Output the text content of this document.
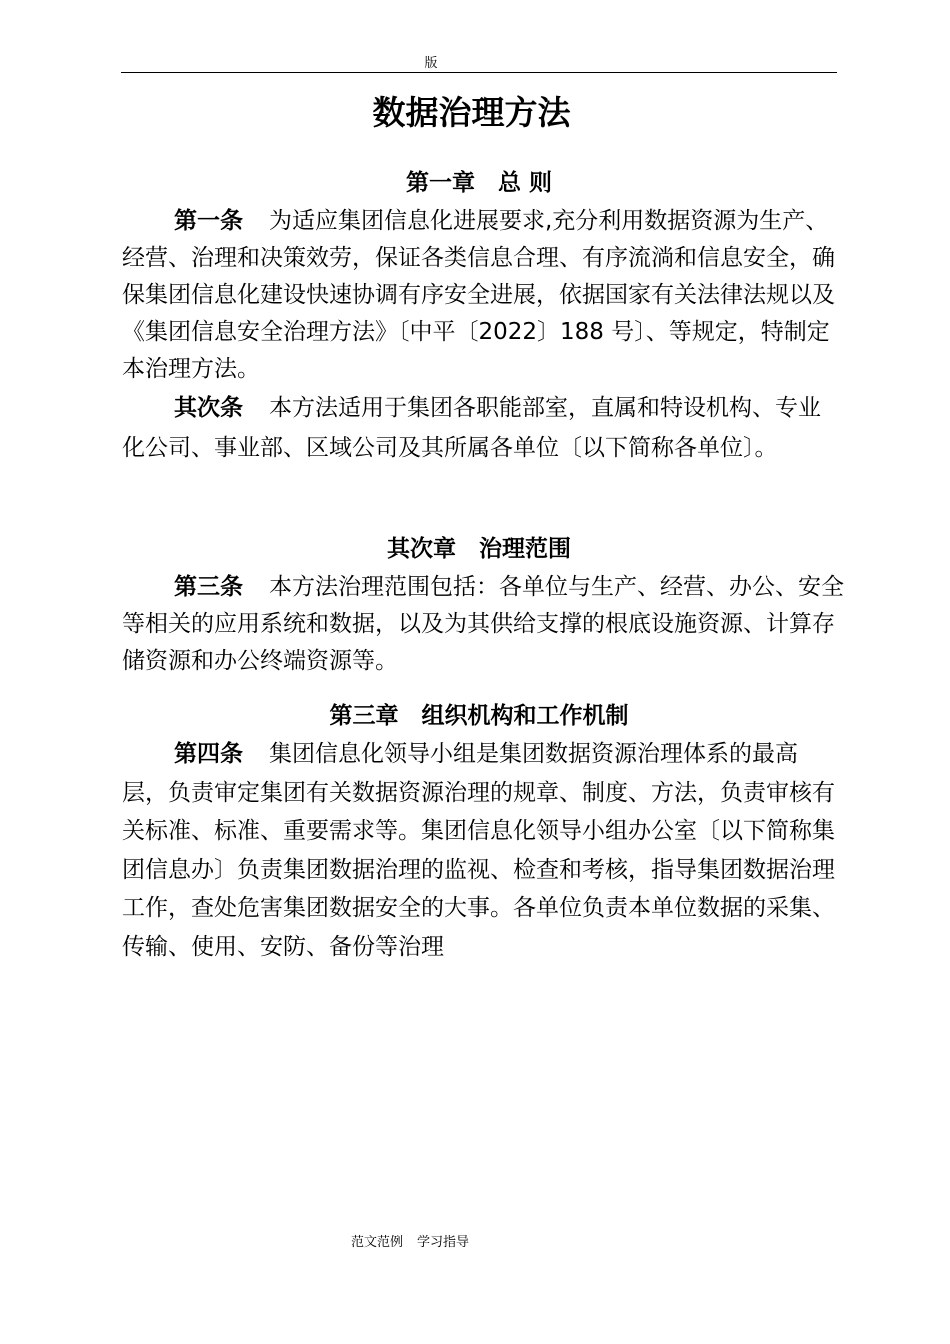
版
数据治理方法
第一章　总 则

第一条 为适应集团信息化进展要求,充分利用数据资源为生产、经营、治理和决策效劳，保证各类信息合理、有序流淌和信息安全，确保集团信息化建设快速协调有序安全进展，依据国家有关法律法规以及《集团信息安全治理方法》〔中平〔2022〕188 号〕、等规定，特制定本治理方法。

其次条 本方法适用于集团各职能部室，直属和特设机构、专业化公司、事业部、区域公司及其所属各单位〔以下简称各单位〕。

其次章　治理范围

第三条 本方法治理范围包括：各单位与生产、经营、办公、安全等相关的应用系统和数据，以及为其供给支撑的根底设施资源、计算存储资源和办公终端资源等。

第三章　组织机构和工作机制

第四条 集团信息化领导小组是集团数据资源治理体系的最高层，负责审定集团有关数据资源治理的规章、制度、方法，负责审核有关标准、标准、重要需求等。集团信息化领导小组办公室〔以下简称集团信息办〕负责集团数据治理的监视、检查和考核，指导集团数据治理工作，查处危害集团数据安全的大事。各单位负责本单位数据的采集、传输、使用、安防、备份等治理

范文范例 学习指导
